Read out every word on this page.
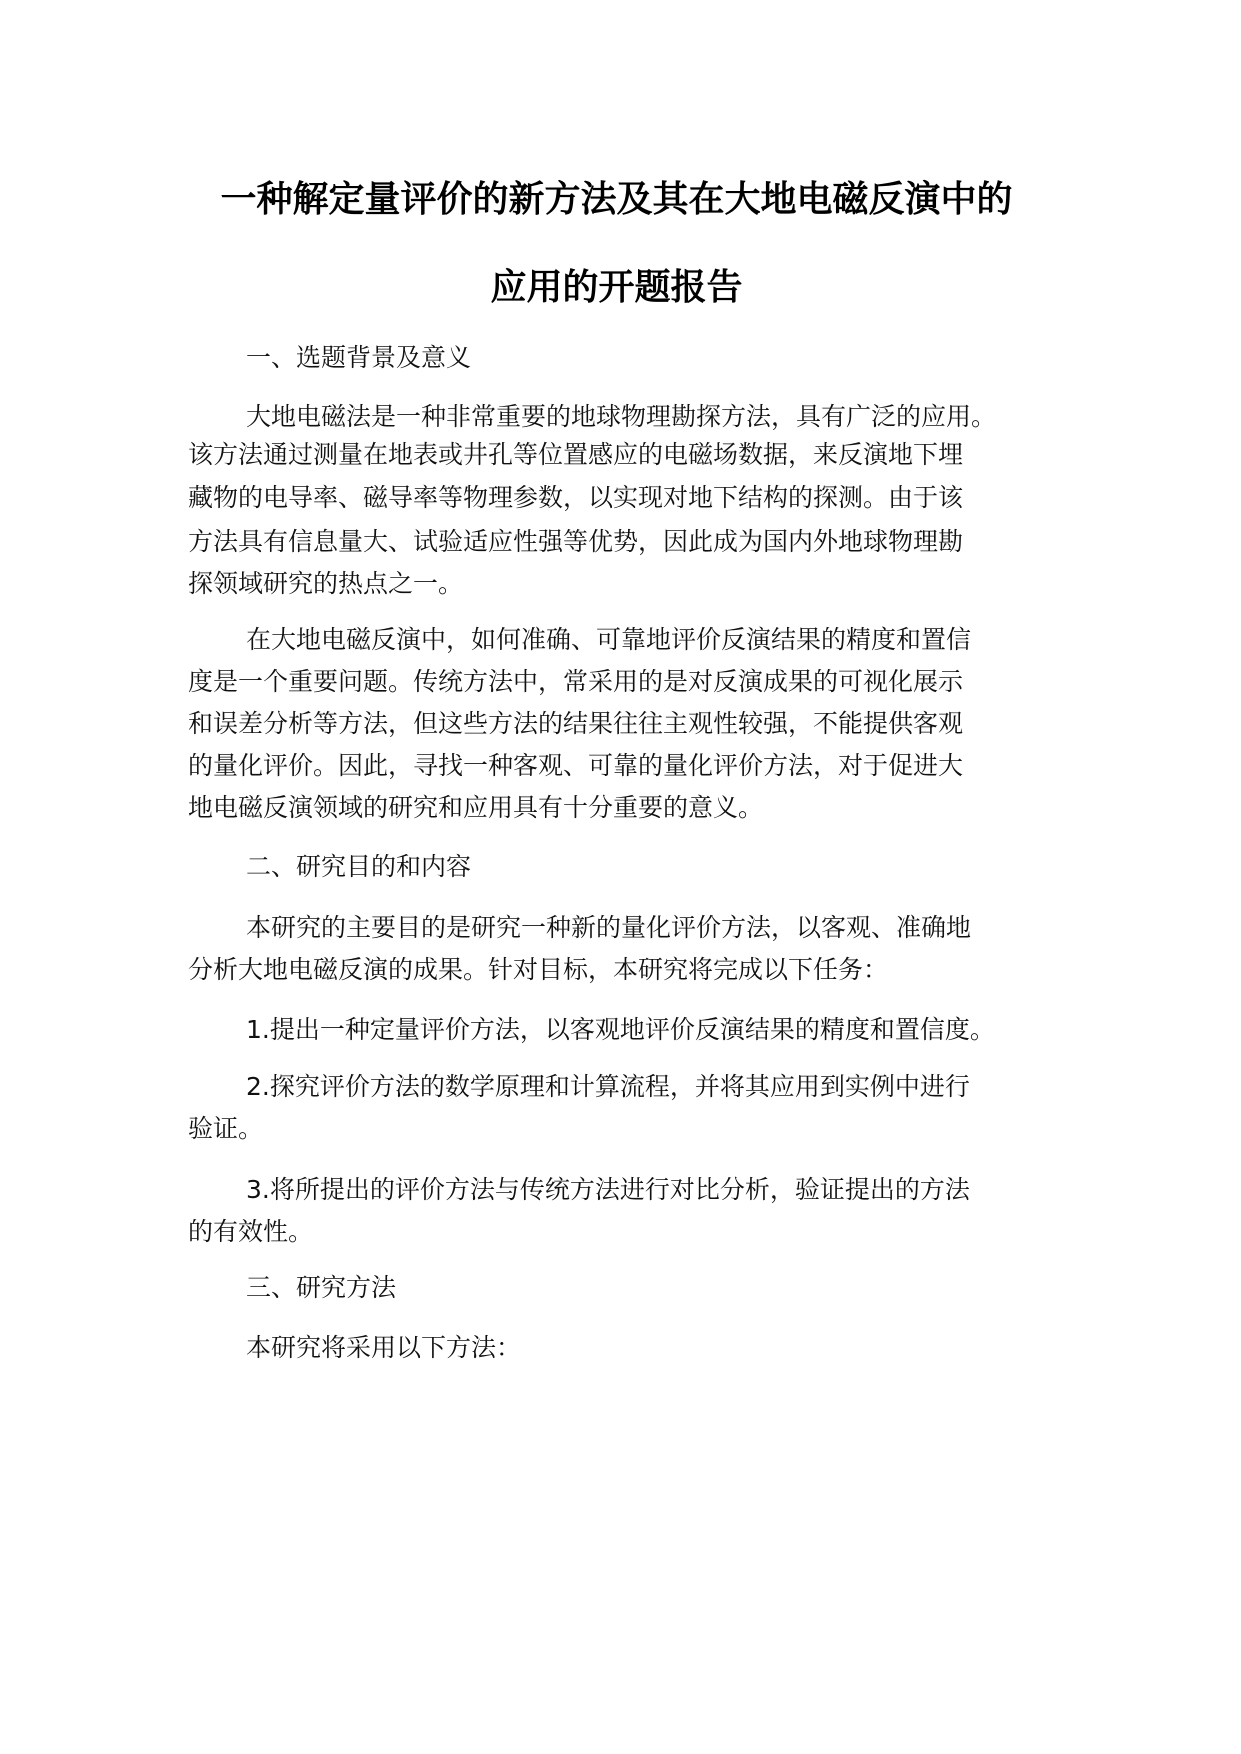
一种解定量评价的新方法及其在大地电磁反演中的
应用的开题报告
一、选题背景及意义
大地电磁法是一种非常重要的地球物理勘探方法，具有广泛的应用。
该方法通过测量在地表或井孔等位置感应的电磁场数据，来反演地下埋
藏物的电导率、磁导率等物理参数，以实现对地下结构的探测。由于该
方法具有信息量大、试验适应性强等优势，因此成为国内外地球物理勘
探领域研究的热点之一。
在大地电磁反演中，如何准确、可靠地评价反演结果的精度和置信
度是一个重要问题。传统方法中，常采用的是对反演成果的可视化展示
和误差分析等方法，但这些方法的结果往往主观性较强，不能提供客观
的量化评价。因此，寻找一种客观、可靠的量化评价方法，对于促进大
地电磁反演领域的研究和应用具有十分重要的意义。
二、研究目的和内容
本研究的主要目的是研究一种新的量化评价方法，以客观、准确地
分析大地电磁反演的成果。针对目标，本研究将完成以下任务：
1.提出一种定量评价方法，以客观地评价反演结果的精度和置信度。
2.探究评价方法的数学原理和计算流程，并将其应用到实例中进行
验证。
3.将所提出的评价方法与传统方法进行对比分析，验证提出的方法
的有效性。
三、研究方法
本研究将采用以下方法：
